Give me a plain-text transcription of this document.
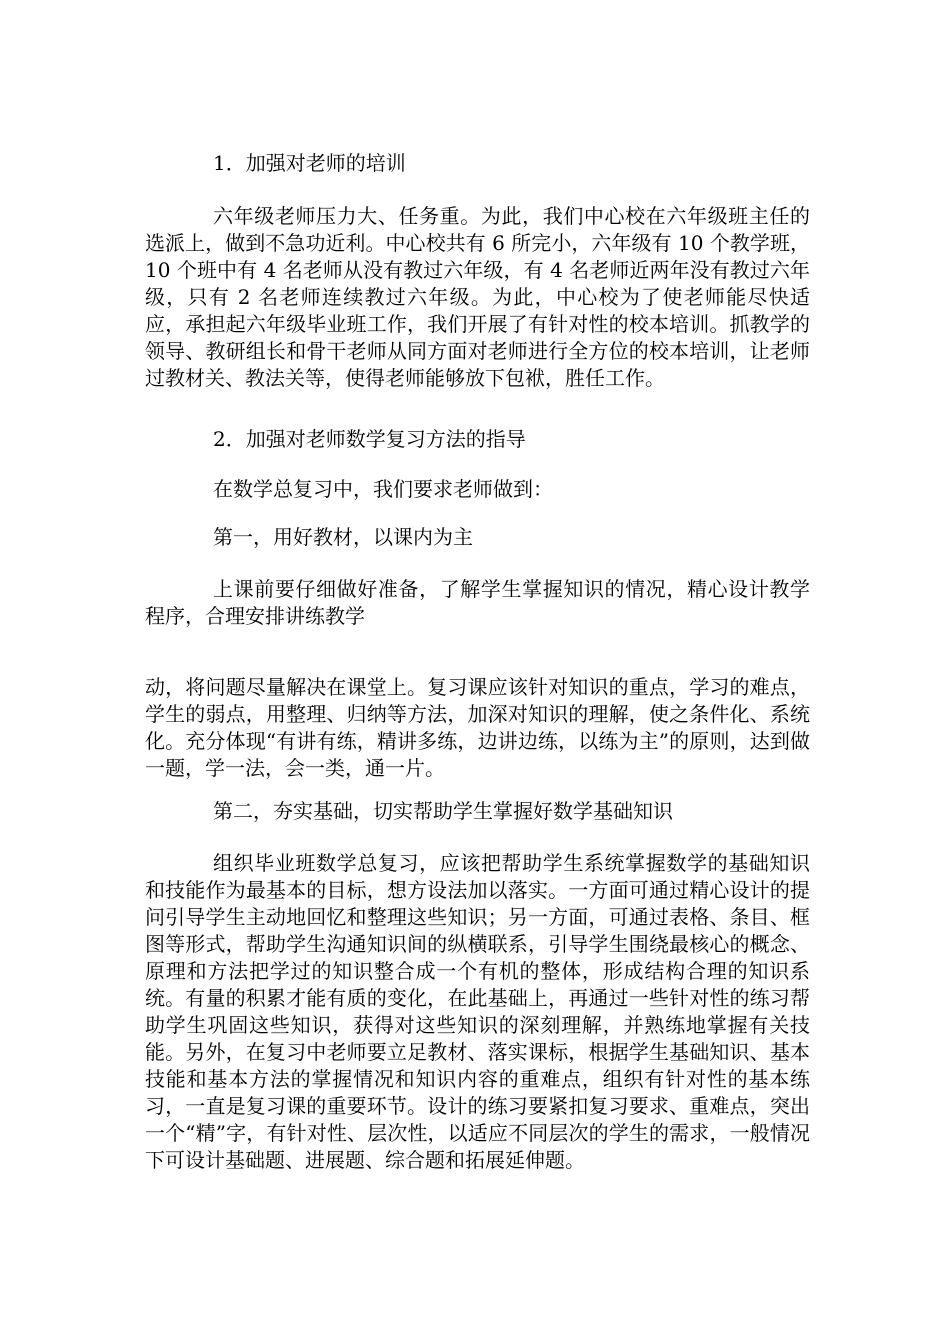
1．加强对老师的培训

六年级老师压力大、任务重。为此，我们中心校在六年级班主任的选派上，做到不急功近利。中心校共有 6 所完小，六年级有 10 个教学班，10 个班中有 4 名老师从没有教过六年级，有 4 名老师近两年没有教过六年级，只有 2 名老师连续教过六年级。为此，中心校为了使老师能尽快适应，承担起六年级毕业班工作，我们开展了有针对性的校本培训。抓教学的领导、教研组长和骨干老师从同方面对老师进行全方位的校本培训，让老师过教材关、教法关等，使得老师能够放下包袱，胜任工作。

2．加强对老师数学复习方法的指导

在数学总复习中，我们要求老师做到：

第一，用好教材，以课内为主

上课前要仔细做好准备，了解学生掌握知识的情况，精心设计教学程序，合理安排讲练教学

动，将问题尽量解决在课堂上。复习课应该针对知识的重点，学习的难点，学生的弱点，用整理、归纳等方法，加深对知识的理解，使之条件化、系统化。充分体现“有讲有练，精讲多练，边讲边练，以练为主”的原则，达到做一题，学一法，会一类，通一片。

第二，夯实基础，切实帮助学生掌握好数学基础知识

组织毕业班数学总复习，应该把帮助学生系统掌握数学的基础知识和技能作为最基本的目标，想方设法加以落实。一方面可通过精心设计的提问引导学生主动地回忆和整理这些知识；另一方面，可通过表格、条目、框图等形式，帮助学生沟通知识间的纵横联系，引导学生围绕最核心的概念、原理和方法把学过的知识整合成一个有机的整体，形成结构合理的知识系统。有量的积累才能有质的变化，在此基础上，再通过一些针对性的练习帮助学生巩固这些知识，获得对这些知识的深刻理解，并熟练地掌握有关技能。另外，在复习中老师要立足教材、落实课标，根据学生基础知识、基本技能和基本方法的掌握情况和知识内容的重难点，组织有针对性的基本练习，一直是复习课的重要环节。设计的练习要紧扣复习要求、重难点，突出一个“精”字，有针对性、层次性，以适应不同层次的学生的需求，一般情况下可设计基础题、进展题、综合题和拓展延伸题。
